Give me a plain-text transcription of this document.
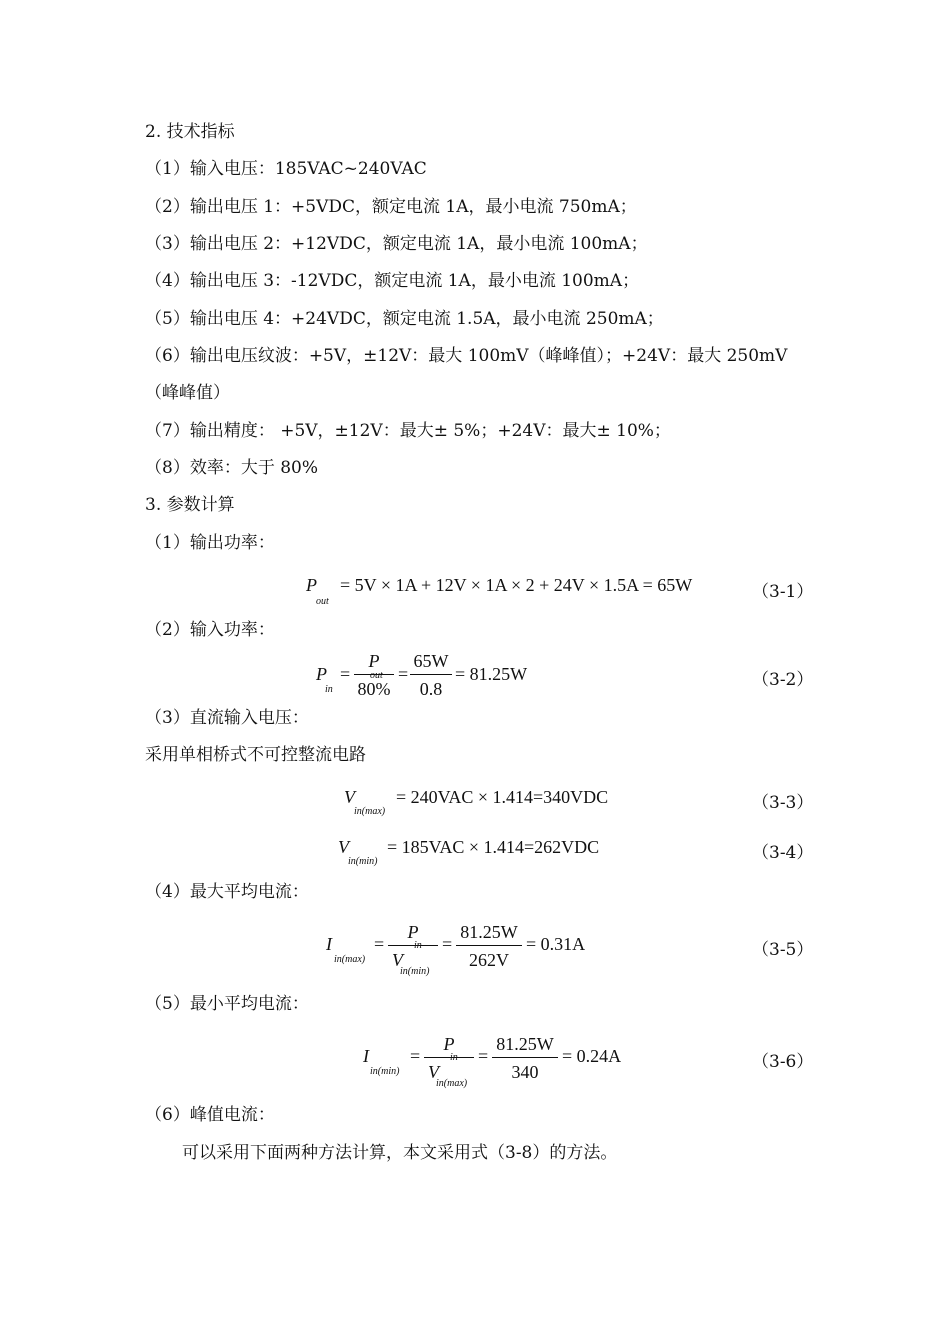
2. 技术指标
（1）输入电压：185VAC~240VAC
（2）输出电压 1：+5VDC，额定电流 1A，最小电流 750mA；
（3）输出电压 2：+12VDC，额定电流 1A，最小电流 100mA；
（4）输出电压 3：-12VDC，额定电流 1A，最小电流 100mA；
（5）输出电压 4：+24VDC，额定电流 1.5A，最小电流 250mA；
（6）输出电压纹波：+5V，±12V：最大 100mV（峰峰值）；+24V：最大 250mV
（峰峰值）
（7）输出精度： +5V，±12V：最大± 5%；+24V：最大± 10%；
（8）效率：大于 80%
3. 参数计算
（1）输出功率：
P = 5V × 1A + 12V × 1A × 2 + 24V × 1.5A = 65W
out	（3-1）
（2）输入功率：
P
in
= $\frac{P}{80\%}$
out = $\frac{65W}{0.8} = 81.25W$	（3-2）
（3）直流输入电压：
采用单相桥式不可控整流电路
V
in(max)
= 240VAC × 1.414=340VDC	（3-3）
V
in(min)
= 185VAC × 1.414=262VDC	（3-4）
（4）最大平均电流：
I
in(max)
= $\frac{P}{V}$
in
in(min)
= $\frac{81.25W}{262V} = 0.31A$	（3-5）
（5）最小平均电流：
I
in(min)
= $\frac{P}{V}$
in
in(max)
= $\frac{81.25W}{340} = 0.24A$	（3-6）
（6）峰值电流：
可以采用下面两种方法计算，本文采用式（3-8）的方法。
